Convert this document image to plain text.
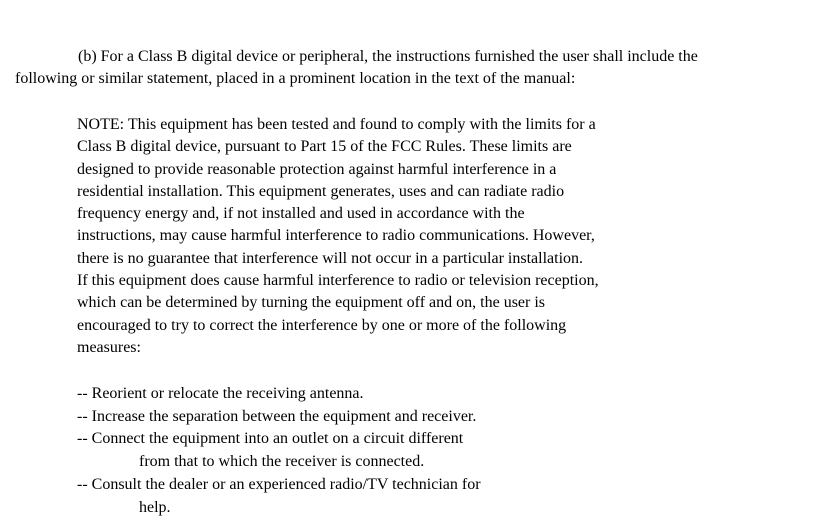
(b) For a Class B digital device or peripheral, the instructions furnished the user shall include the
following or similar statement, placed in a prominent location in the text of the manual:
NOTE: This equipment has been tested and found to comply with the limits for a
Class B digital device, pursuant to Part 15 of the FCC Rules. These limits are
designed to provide reasonable protection against harmful interference in a
residential installation. This equipment generates, uses and can radiate radio
frequency energy and, if not installed and used in accordance with the
instructions, may cause harmful interference to radio communications. However,
there is no guarantee that interference will not occur in a particular installation.
If this equipment does cause harmful interference to radio or television reception,
which can be determined by turning the equipment off and on, the user is
encouraged to try to correct the interference by one or more of the following
measures:
-- Reorient or relocate the receiving antenna.
-- Increase the separation between the equipment and receiver.
-- Connect the equipment into an outlet on a circuit different
from that to which the receiver is connected.
-- Consult the dealer or an experienced radio/TV technician for
help.
